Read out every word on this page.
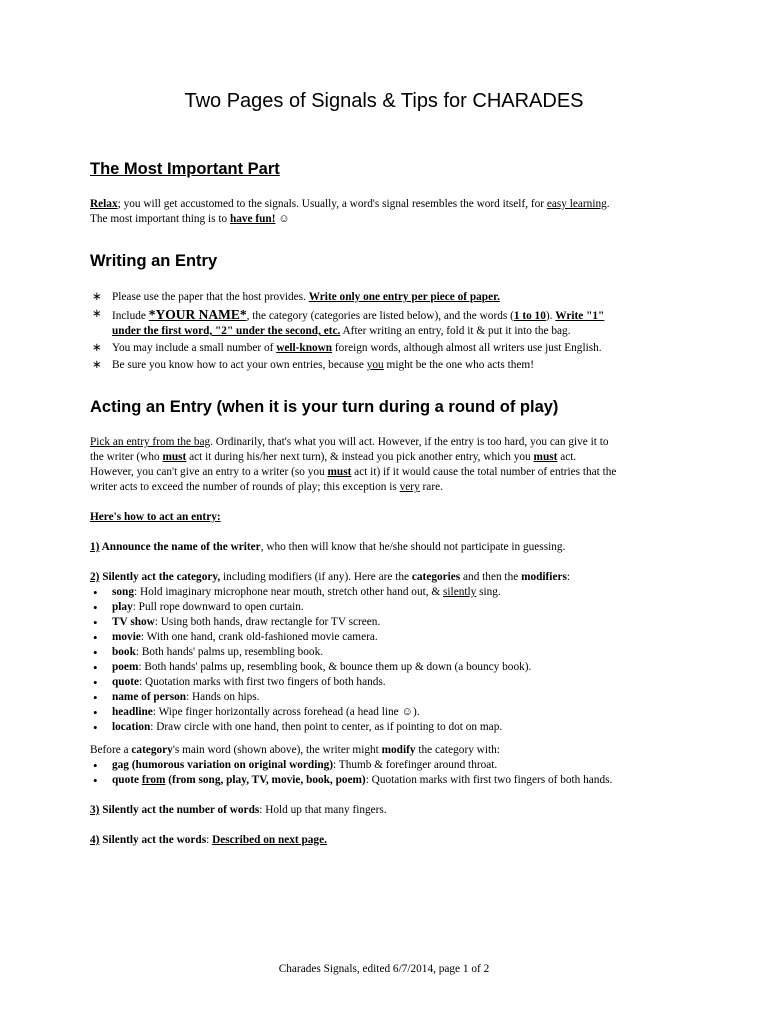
Two Pages of Signals & Tips for CHARADES
The Most Important Part
Relax; you will get accustomed to the signals. Usually, a word's signal resembles the word itself, for easy learning.
The most important thing is to have fun! ☺
Writing an Entry
∗ Please use the paper that the host provides. Write only one entry per piece of paper.
∗ Include *YOUR NAME*, the category (categories are listed below), and the words (1 to 10). Write "1"
under the first word, "2" under the second, etc. After writing an entry, fold it & put it into the bag.
∗ You may include a small number of well-known foreign words, although almost all writers use just English.
∗ Be sure you know how to act your own entries, because you might be the one who acts them!
Acting an Entry (when it is your turn during a round of play)
Pick an entry from the bag. Ordinarily, that's what you will act. However, if the entry is too hard, you can give it to
the writer (who must act it during his/her next turn), & instead you pick another entry, which you must act.
However, you can't give an entry to a writer (so you must act it) if it would cause the total number of entries that the
writer acts to exceed the number of rounds of play; this exception is very rare.
Here's how to act an entry:
1) Announce the name of the writer, who then will know that he/she should not participate in guessing.
2) Silently act the category, including modifiers (if any). Here are the categories and then the modifiers:
• song: Hold imaginary microphone near mouth, stretch other hand out, & silently sing.
• play: Pull rope downward to open curtain.
• TV show: Using both hands, draw rectangle for TV screen.
• movie: With one hand, crank old-fashioned movie camera.
• book: Both hands' palms up, resembling book.
• poem: Both hands' palms up, resembling book, & bounce them up & down (a bouncy book).
• quote: Quotation marks with first two fingers of both hands.
• name of person: Hands on hips.
• headline: Wipe finger horizontally across forehead (a head line ☺).
• location: Draw circle with one hand, then point to center, as if pointing to dot on map.
Before a category's main word (shown above), the writer might modify the category with:
• gag (humorous variation on original wording): Thumb & forefinger around throat.
• quote from (from song, play, TV, movie, book, poem): Quotation marks with first two fingers of both hands.
3) Silently act the number of words: Hold up that many fingers.
4) Silently act the words: Described on next page.
Charades Signals, edited 6/7/2014, page 1 of 2
